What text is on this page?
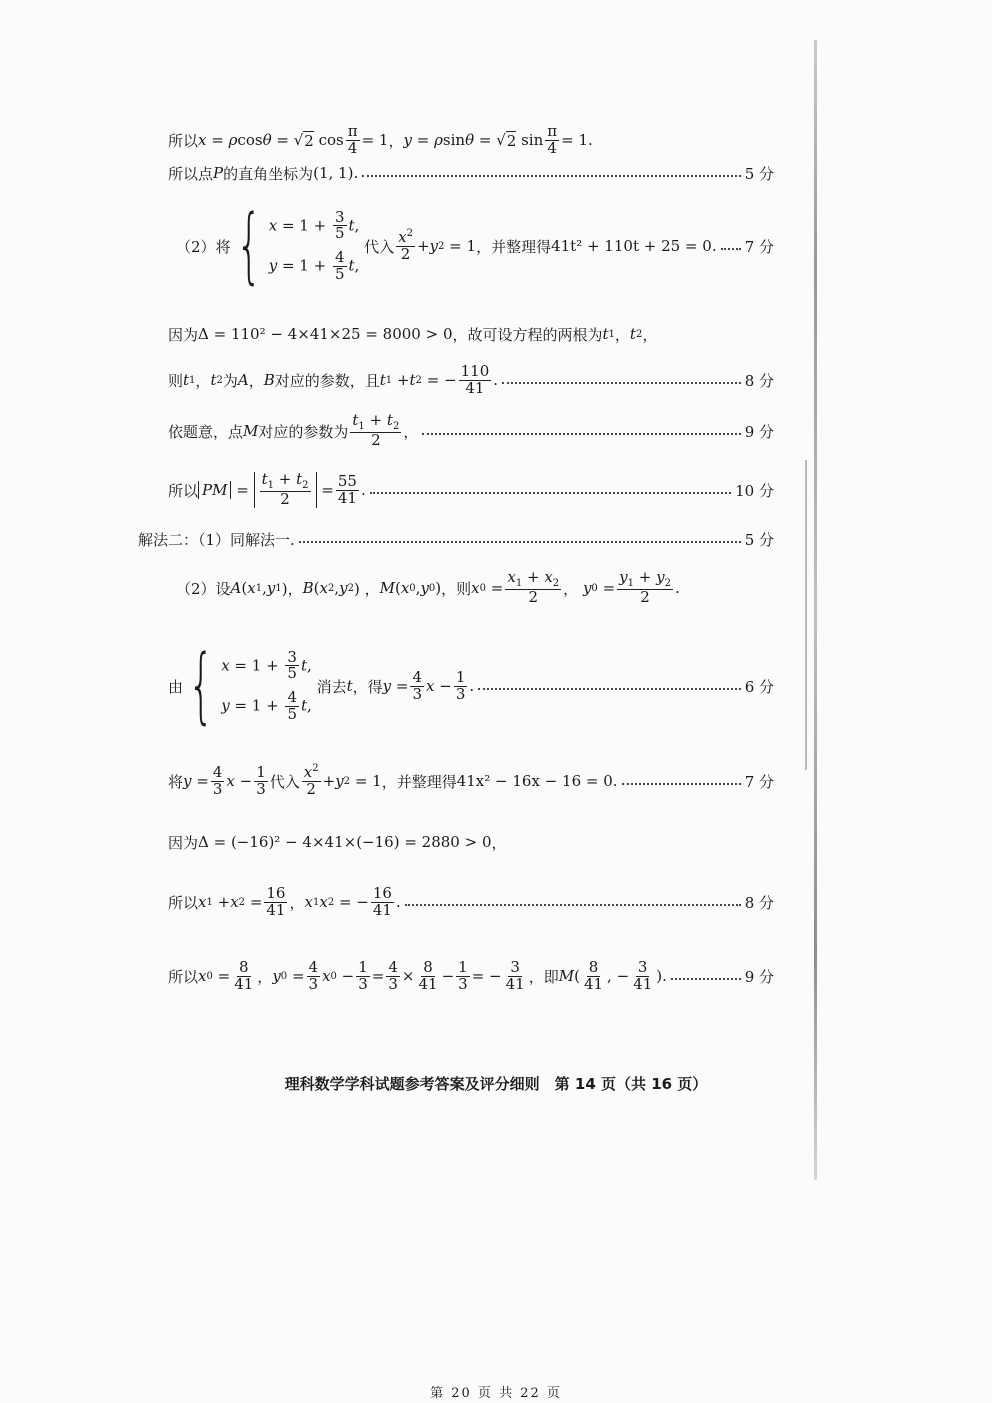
所以 x = ρ cos θ = √ 2 $\cos \frac{\pi}{4} = 1$ ， y = ρ sin θ = √ 2 $\sin \frac{\pi}{4} = 1$ .
所以点 P 的直角坐标为 (1, 1) .	5 分
（2）将 { $x = 1 + \frac{3}{5} t$,
$y = 1 + \frac{4}{5} t$,

代入 $\frac{x^2}{2} + y$ 2 = 1 ，并整理得 41t² + 110t + 25 = 0 . 7 分
因为 Δ = 110² − 4×41×25 = 8000 > 0 ，故可设方程的两根为 t 1 ， t 2 ，
则 t 1 ， t 2 为 A ， B 对应的参数，且 t 1 + t 2 = − $\frac{110}{41}$ .	8 分
依题意，点 M 对应的参数为 $\frac{t_1 + t_2}{2}$ ，	9 分
所以 PM = $\frac{t_1 + t_2}{2} = \frac{55}{41}$ .	10 分
解法二：（1）同解法一.	5 分
（2）设 A ( x 1 , y 1 )， B ( x 2 , y 2 ) ， M ( x 0 , y 0 ) ，则 x $0 = \frac{x_1 + x_2}{2}$ ， y $0 = \frac{y_1 + y_2}{2}$ .
由 { $x = 1 + \frac{3}{5} t$,
$y = 1 + \frac{4}{5} t$,

消去 t ，得 $y = \frac{4}{3}$ $x - \frac{1}{3}$ .	6 分
将 $y = \frac{4}{3}$ $x - \frac{1}{3}$ 代入 $\frac{x^2}{2} + y$ 2 = 1 ，并整理得 41x² − 16x − 16 = 0 .	7 分
因为 Δ = (−16)² − 4×41×(−16) = 2880 > 0 ，
所以 x 1 + x $2 = \frac{16}{41}$ ， x 1 x 2 = − $\frac{16}{41}$ .	8 分
所以 x $0 = \frac{8}{41}$ ， y $0 = \frac{4}{3}$ x $0 - \frac{1}{3} = \frac{4}{3} \times \frac{8}{41} - \frac{1}{3}$ = − $\frac{3}{41}$ ，即 M ( $\frac{8}{41}$ , − $\frac{3}{41}$ ) .	9 分
理科数学学科试题参考答案及评分细则　第 14 页（共 16 页）
第 20 页 共 22 页
